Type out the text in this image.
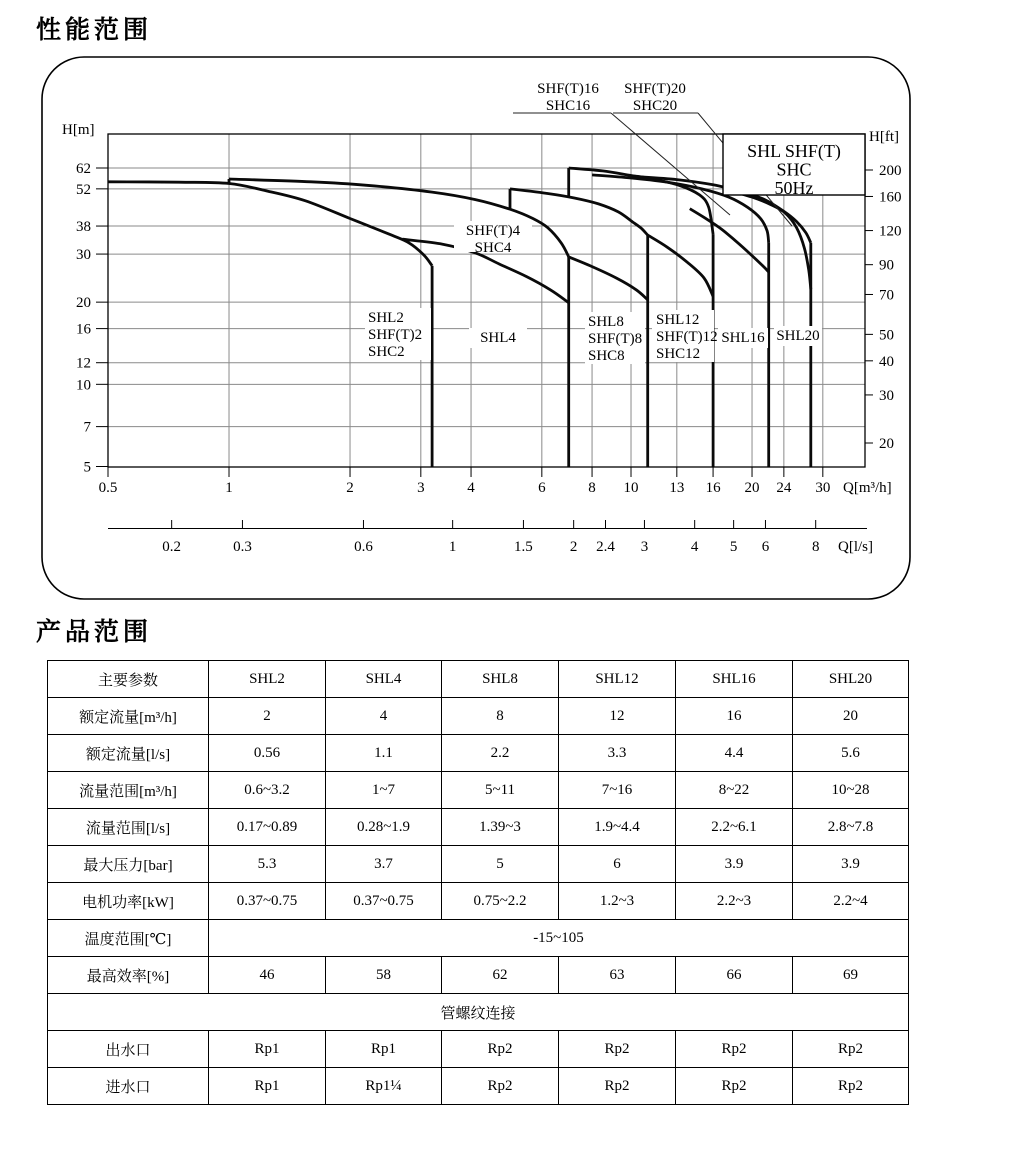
性能范围
H[m]
62
52
38
30
20
16
12
10
7
5
H[ft]
200
160
120
90
70
50
40
30
20
0.5	1	2	3	4	6	8 10 13 16 20 24 30 Q[m³/h]
0.2	0.3	0.6	1	1.5 2 2.4 3	4 5 6	8 Q[l/s]
SHL2
SHF(T)2
SHC2
SHL4
SHF(T)4
SHC4
SHL8
SHF(T)8
SHC8
SHL12
SHF(T)12
SHC12
SHL16 SHL20
SHF(T)16
SHC16
SHF(T)20
SHC20
SHL SHF(T)
SHC
50Hz
产品范围
主要参数	SHL2	SHL4	SHL8	SHL12	SHL16	SHL20
额定流量[m³/h]	2	4	8	12	16	20
额定流量[l/s]	0.56	1.1	2.2	3.3	4.4	5.6
流量范围[m³/h]	0.6~3.2	1~7	5~11	7~16	8~22	10~28
流量范围[l/s]	0.17~0.89	0.28~1.9	1.39~3	1.9~4.4	2.2~6.1	2.8~7.8
最大压力[bar]	5.3	3.7	5	6	3.9	3.9
电机功率[kW]	0.37~0.75	0.37~0.75	0.75~2.2	1.2~3	2.2~3	2.2~4
温度范围[℃]	-15~105					
最高效率[%]	46	58	62	63	66	69
管螺纹连接						
出水口	Rp1	Rp1	Rp2	Rp2	Rp2	Rp2
进水口	Rp1	Rp1¼	Rp2	Rp2	Rp2	Rp2
